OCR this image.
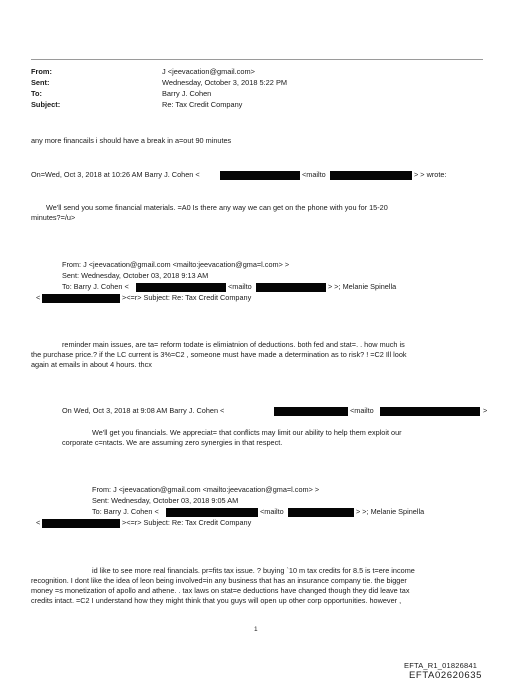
From:	J <jeevacation@gmail.com>
Sent:	Wednesday, October 3, 2018 5:22 PM
To:	Barry J. Cohen
Subject:	Re: Tax Credit Company
any more financails i should have a break in a=out 90 minutes
On=Wed, Oct 3, 2018 at 10:26 AM Barry J. Cohen <	<mailto	> > wrote:
We'll send you some financial materials. =A0 Is there any way we can get on the phone with you for 15-20
minutes?=/u>
From: J <jeevacation@gmail.com <mailto:jeevacation@gma=l.com> >
Sent: Wednesday, October 03, 2018 9:13 AM
To: Barry J. Cohen <	<mailto	> >; Melanie Spinella
<	><=r> Subject: Re: Tax Credit Company
reminder main issues, are ta= reform todate is elimiatnion of deductions. both fed and stat=. . how much is
the purchase price.? if the LC current is 3%=C2 , someone must have made a determination as to risk? ! =C2 Ill look
again at emails in about 4 hours. thcx
On Wed, Oct 3, 2018 at 9:08 AM Barry J. Cohen <	<mailto	>
We'll get you financials. We appreciat= that conflicts may limit our ability to help them exploit our
corporate c=ntacts. We are assuming zero synergies in that respect.
From: J <jeevacation@gmail.com <mailto:jeevacation@gma=l.com> >
Sent: Wednesday, October 03, 2018 9:05 AM
To: Barry J. Cohen <	<mailto	> >; Melanie Spinella
<	><=r> Subject: Re: Tax Credit Company
id like to see more real financials. pr=fits tax issue. ? buying `10 m tax credits for 8.5 is t=ere income
recognition. I dont like the idea of leon being involved=in any business that has an insurance company tie. the bigger
money =s monetization of apollo and athene. . tax laws on stat=e deductions have changed though they did leave tax
credits intact. =C2 I understand how they might think that you guys will open up other corp opportunities. however ,
1
EFTA_R1_01826841
EFTA02620635
